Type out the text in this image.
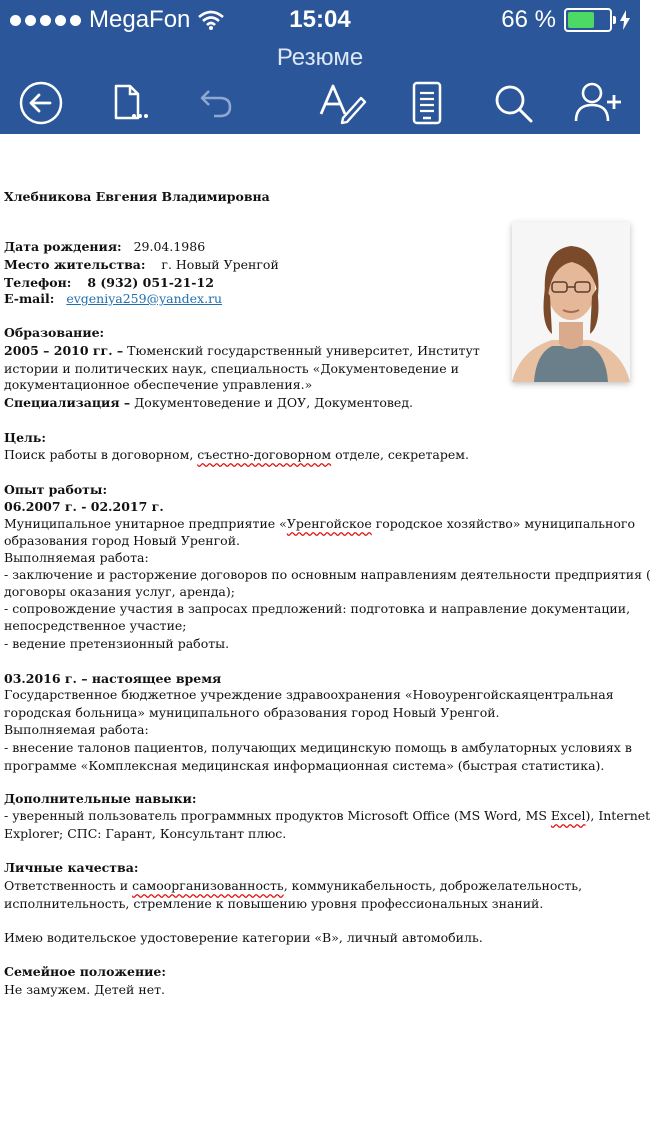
MegaFon	15:04	66 %
Резюме
Хлебникова Евгения Владимировна
Дата рождения: 29.04.1986
Место жительства: г. Новый Уренгой
Телефон: 8 (932) 051-21-12
E-mail: evgeniya259@yandex.ru
Образование:
2005 – 2010 гг. – Тюменский государственный университет, Институт
истории и политических наук, специальность «Документоведение и
документационное обеспечение управления.»
Специализация – Документоведение и ДОУ, Документовед.
Цель:
Поиск работы в договорном, съестно-договорном отделе, секретарем.
Опыт работы:
06.2007 г. - 02.2017 г.
Муниципальное унитарное предприятие «Уренгойское городское хозяйство» муниципального
образования город Новый Уренгой.
Выполняемая работа:
- заключение и расторжение договоров по основным направлениям деятельности предприятия (
договоры оказания услуг, аренда);
- сопровождение участия в запросах предложений: подготовка и направление документации,
непосредственное участие;
- ведение претензионный работы.
03.2016 г. – настоящее время
Государственное бюджетное учреждение здравоохранения «Новоуренгойскаяцентральная
городская больница» муниципального образования город Новый Уренгой.
Выполняемая работа:
- внесение талонов пациентов, получающих медицинскую помощь в амбулаторных условиях в
программе «Комплексная медицинская информационная система» (быстрая статистика).
Дополнительные навыки:
- уверенный пользователь программных продуктов Microsoft Office (MS Word, MS Excel), Internet
Explorer; СПС: Гарант, Консультант плюс.
Личные качества:
Ответственность и самоорганизованность, коммуникабельность, доброжелательность,
исполнительность, стремление к повышению уровня профессиональных знаний.
Имею водительское удостоверение категории «В», личный автомобиль.
Семейное положение:
Не замужем. Детей нет.
